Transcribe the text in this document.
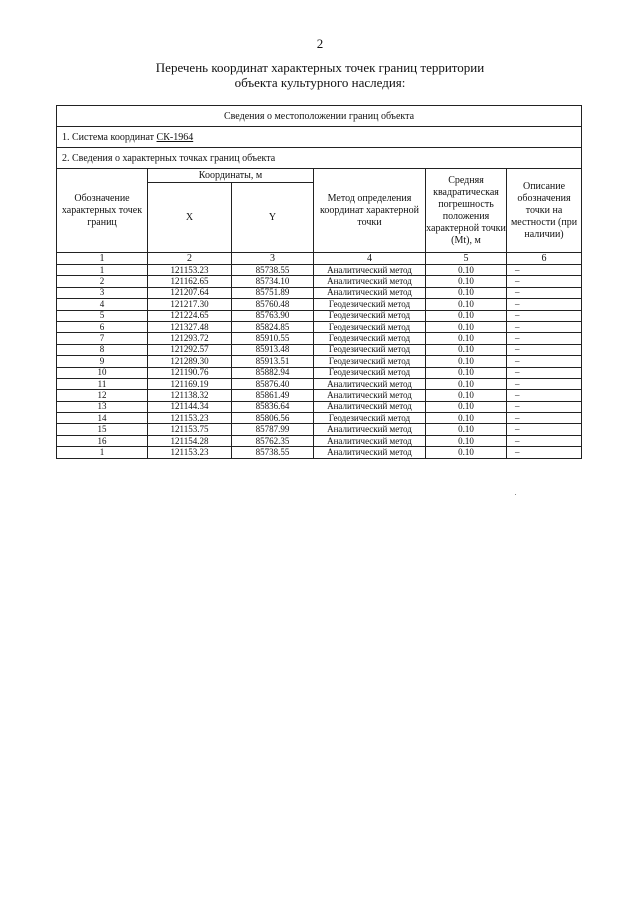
2
Перечень координат характерных точек границ территории
объекта культурного наследия:
Сведения о местоположении границ объекта					
1. Система координат СК-1964					
2. Сведения о характерных точках границ объекта					
Обозначение характерных точек границ	Координаты, м		Метод определения координат характерной точки	Средняя квадратическая погрешность положения характерной точки (Mt), м	Описание обозначения точки на местности (при наличии)
	X	Y			
1	2	3	4	5	6
1	121153.23	85738.55	Аналитический метод	0.10	–
2	121162.65	85734.10	Аналитический метод	0.10	–
3	121207.64	85751.89	Аналитический метод	0.10	–
4	121217.30	85760.48	Геодезический метод	0.10	–
5	121224.65	85763.90	Геодезический метод	0.10	–
6	121327.48	85824.85	Геодезический метод	0.10	–
7	121293.72	85910.55	Геодезический метод	0.10	–
8	121292.57	85913.48	Геодезический метод	0.10	–
9	121289.30	85913.51	Геодезический метод	0.10	–
10	121190.76	85882.94	Геодезический метод	0.10	–
11	121169.19	85876.40	Аналитический метод	0.10	–
12	121138.32	85861.49	Аналитический метод	0.10	–
13	121144.34	85836.64	Аналитический метод	0.10	–
14	121153.23	85806.56	Геодезический метод	0.10	–
15	121153.75	85787.99	Аналитический метод	0.10	–
16	121154.28	85762.35	Аналитический метод	0.10	–
1	121153.23	85738.55	Аналитический метод	0.10	–
